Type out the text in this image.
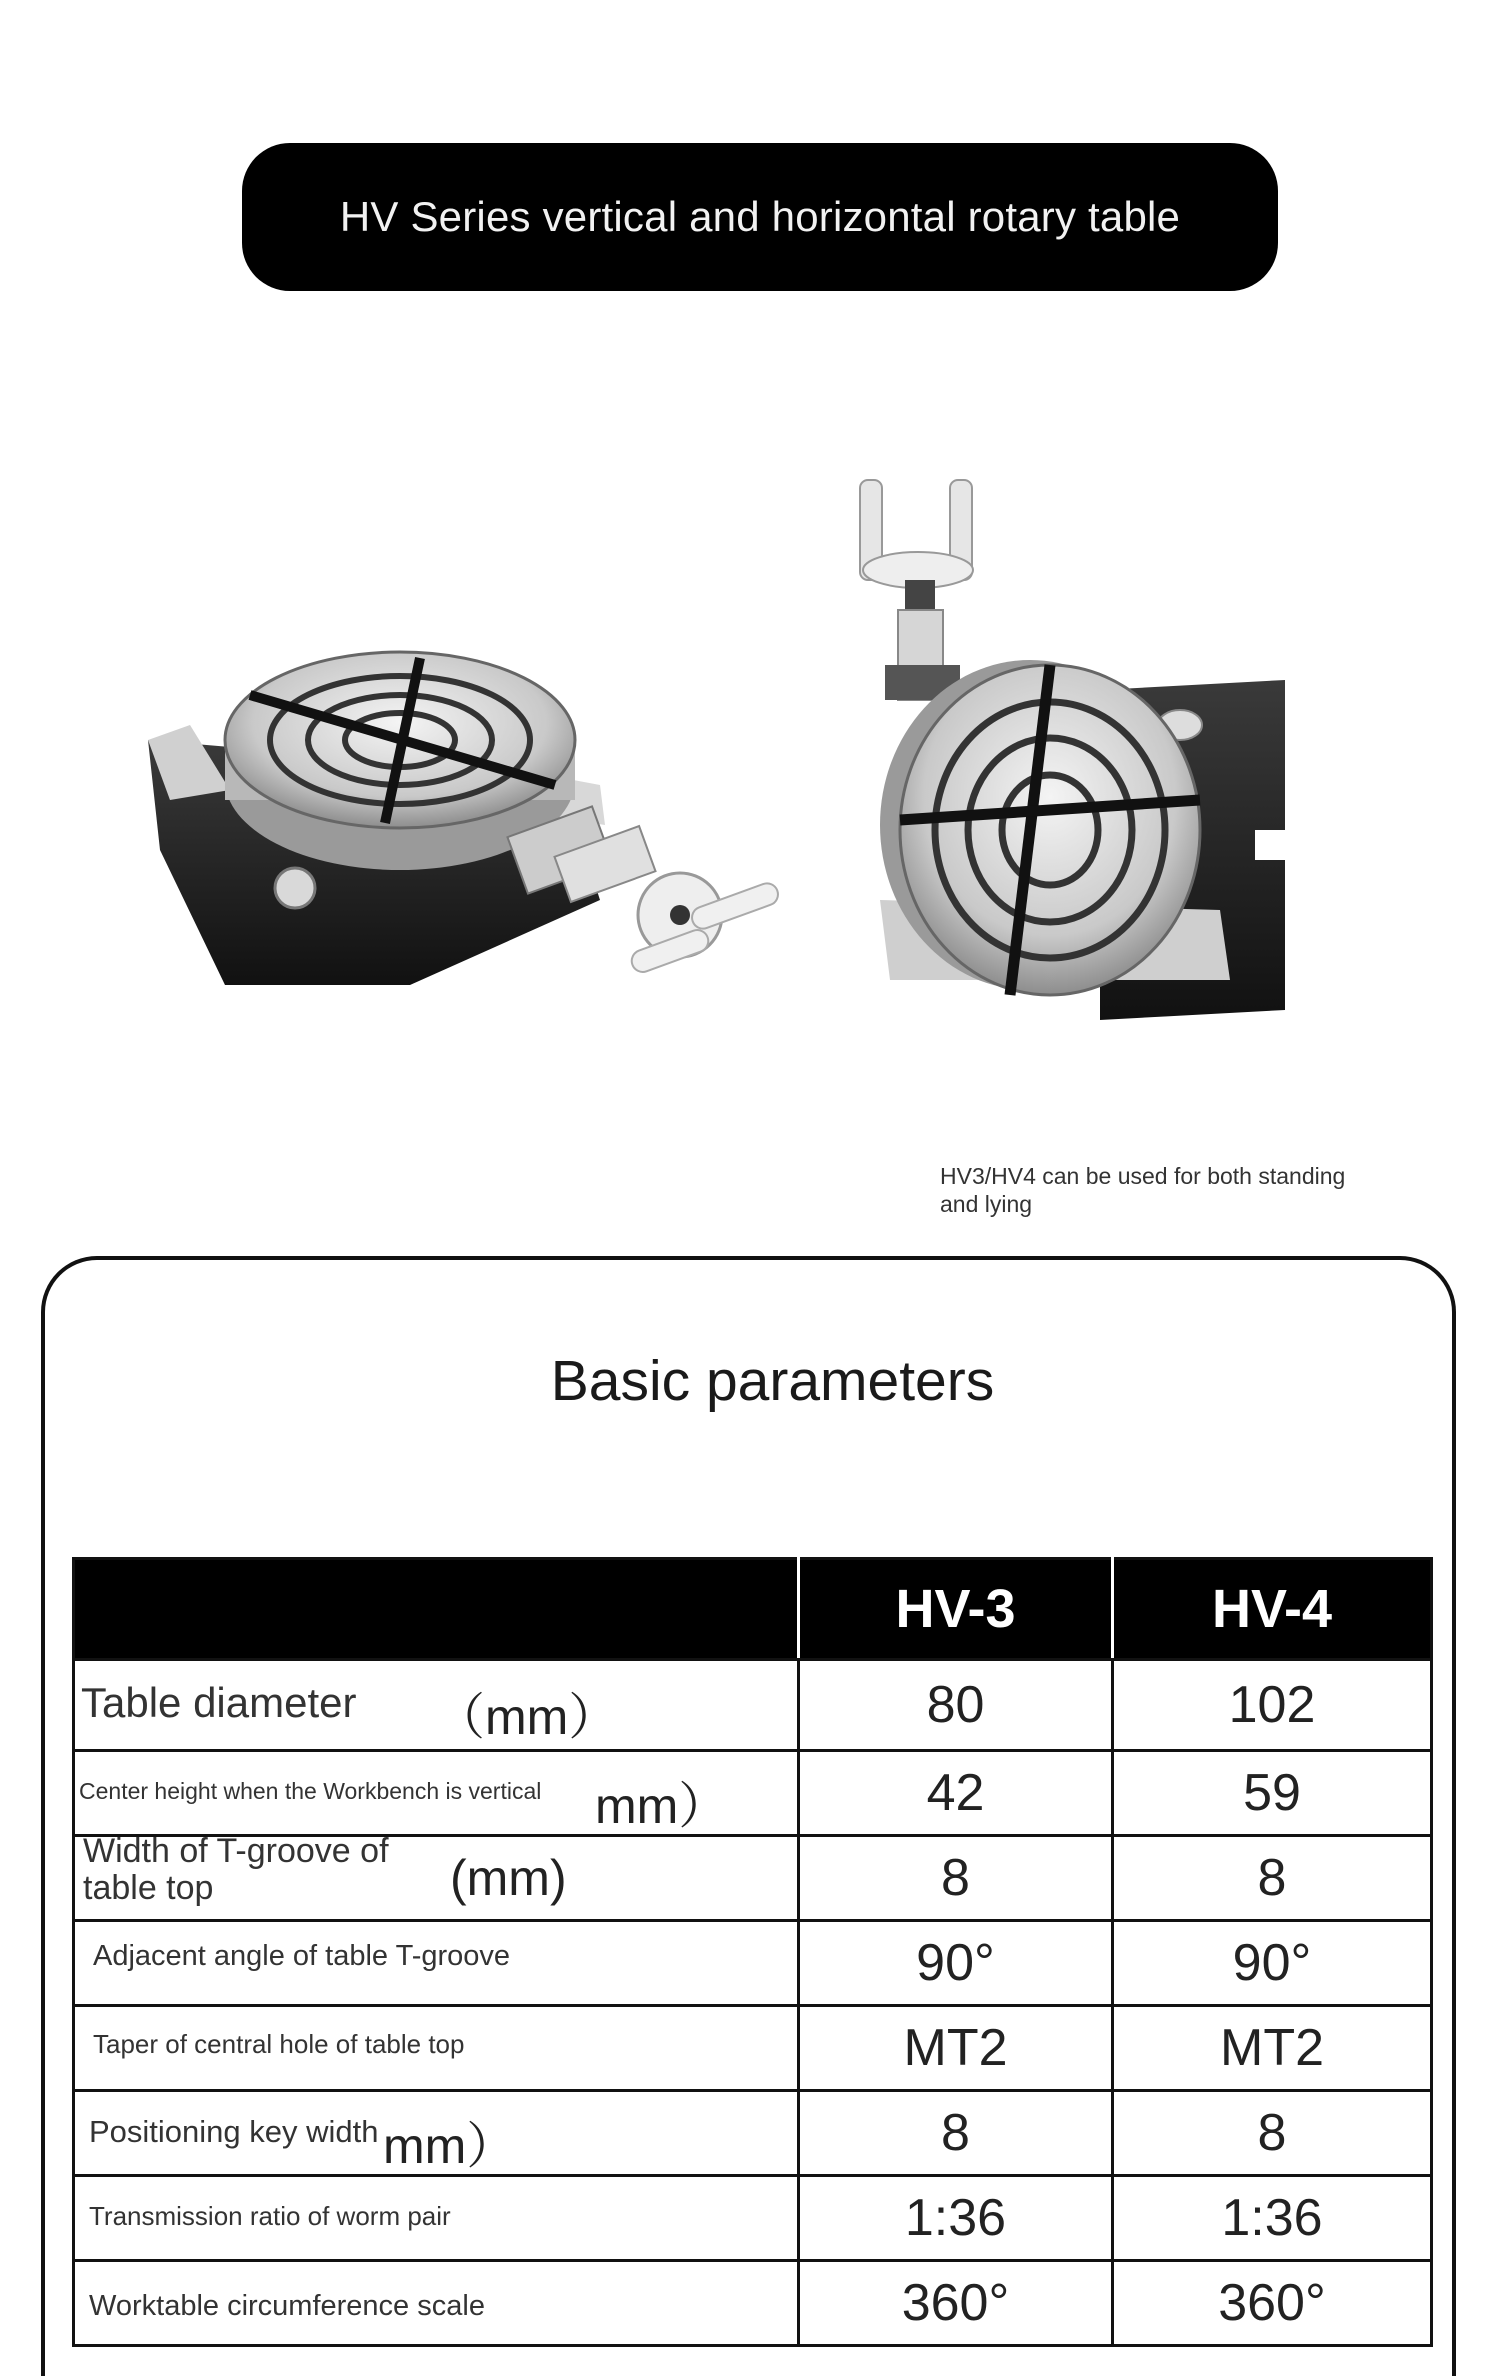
HV Series vertical and horizontal rotary table
HV3/HV4 can be used for both standing and lying
Basic parameters
	HV-3	HV-4

Table diameter （mm）	80	102

Center height when the Workbench is vertical mm）	42	59

Width of T-groove of table top (mm)	8	8

Adjacent angle of table T-groove	90°	90°

Taper of central hole of table top	MT2	MT2

Positioning key width mm）	8	8

Transmission ratio of worm pair	1:36	1:36

Worktable circumference scale	360°	360°
